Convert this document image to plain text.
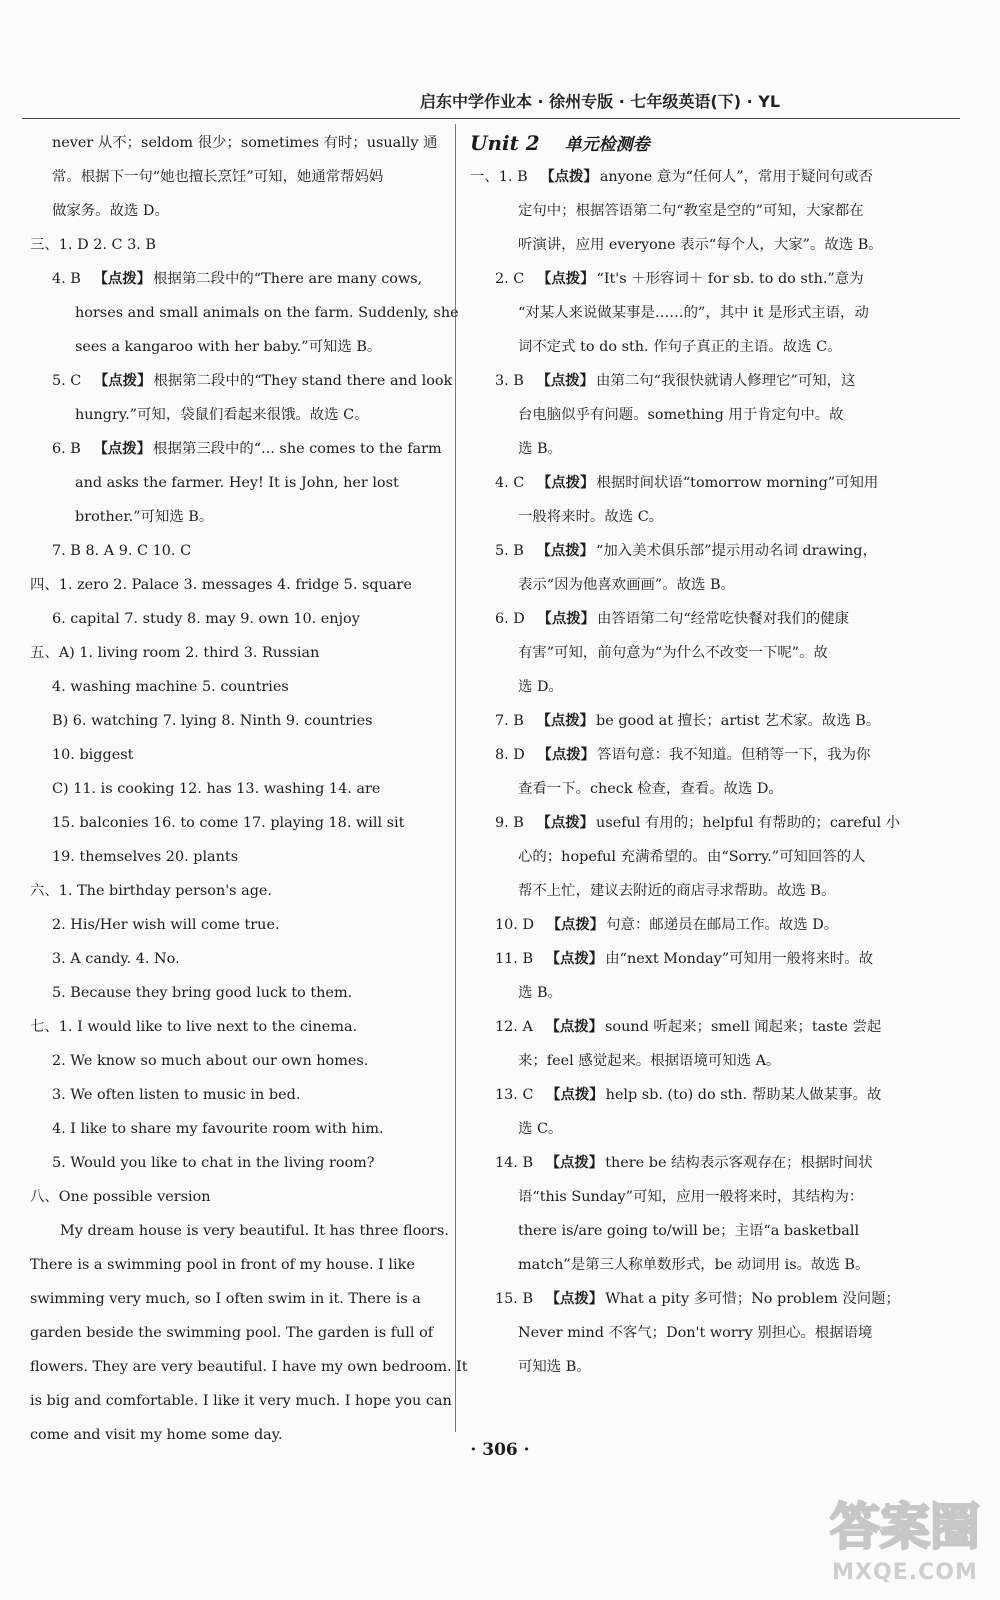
启东中学作业本 · 徐州专版 · 七年级英语(下) · YL
never 从不；seldom 很少；sometimes 有时；usually 通
常。根据下一句“她也擅长烹饪”可知，她通常帮妈妈
做家务。故选 D。
三、1. D 2. C 3. B
4. B 【点拨】 根据第二段中的“There are many cows,
horses and small animals on the farm. Suddenly, she
sees a kangaroo with her baby.”可知选 B。
5. C 【点拨】 根据第二段中的“They stand there and look
hungry.”可知，袋鼠们看起来很饿。故选 C。
6. B 【点拨】 根据第三段中的“... she comes to the farm
and asks the farmer. Hey! It is John, her lost
brother.”可知选 B。
7. B 8. A 9. C 10. C
四、1. zero 2. Palace 3. messages 4. fridge 5. square
6. capital 7. study 8. may 9. own 10. enjoy
五、A) 1. living room 2. third 3. Russian
4. washing machine 5. countries
B) 6. watching 7. lying 8. Ninth 9. countries
10. biggest
C) 11. is cooking 12. has 13. washing 14. are
15. balconies 16. to come 17. playing 18. will sit
19. themselves 20. plants
六、1. The birthday person's age.
2. His/Her wish will come true.
3. A candy. 4. No.
5. Because they bring good luck to them.
七、1. I would like to live next to the cinema.
2. We know so much about our own homes.
3. We often listen to music in bed.
4. I like to share my favourite room with him.
5. Would you like to chat in the living room?
八、One possible version
My dream house is very beautiful. It has three floors.
There is a swimming pool in front of my house. I like
swimming very much, so I often swim in it. There is a
garden beside the swimming pool. The garden is full of
flowers. They are very beautiful. I have my own bedroom. It
is big and comfortable. I like it very much. I hope you can
come and visit my home some day.
Unit 2 单元检测卷
一、1. B 【点拨】 anyone 意为“任何人”，常用于疑问句或否
定句中；根据答语第二句“教室是空的”可知，大家都在
听演讲，应用 everyone 表示“每个人，大家”。故选 B。
2. C 【点拨】 “It's ＋形容词＋ for sb. to do sth.”意为
“对某人来说做某事是……的”，其中 it 是形式主语，动
词不定式 to do sth. 作句子真正的主语。故选 C。
3. B 【点拨】 由第二句“我很快就请人修理它”可知，这
台电脑似乎有问题。something 用于肯定句中。故
选 B。
4. C 【点拨】 根据时间状语“tomorrow morning”可知用
一般将来时。故选 C。
5. B 【点拨】 “加入美术俱乐部”提示用动名词 drawing，
表示“因为他喜欢画画”。故选 B。
6. D 【点拨】 由答语第二句“经常吃快餐对我们的健康
有害”可知，前句意为“为什么不改变一下呢”。故
选 D。
7. B 【点拨】 be good at 擅长；artist 艺术家。故选 B。
8. D 【点拨】 答语句意：我不知道。但稍等一下，我为你
查看一下。check 检查，查看。故选 D。
9. B 【点拨】 useful 有用的；helpful 有帮助的；careful 小
心的；hopeful 充满希望的。由“Sorry.”可知回答的人
帮不上忙，建议去附近的商店寻求帮助。故选 B。
10. D 【点拨】 句意：邮递员在邮局工作。故选 D。
11. B 【点拨】 由“next Monday”可知用一般将来时。故
选 B。
12. A 【点拨】 sound 听起来；smell 闻起来；taste 尝起
来；feel 感觉起来。根据语境可知选 A。
13. C 【点拨】 help sb. (to) do sth. 帮助某人做某事。故
选 C。
14. B 【点拨】 there be 结构表示客观存在；根据时间状
语“this Sunday”可知，应用一般将来时，其结构为：
there is/are going to/will be；主语“a basketball
match”是第三人称单数形式，be 动词用 is。故选 B。
15. B 【点拨】 What a pity 多可惜；No problem 没问题；
Never mind 不客气；Don't worry 别担心。根据语境
可知选 B。
· 306 ·
答案圈
MXQE.COM
